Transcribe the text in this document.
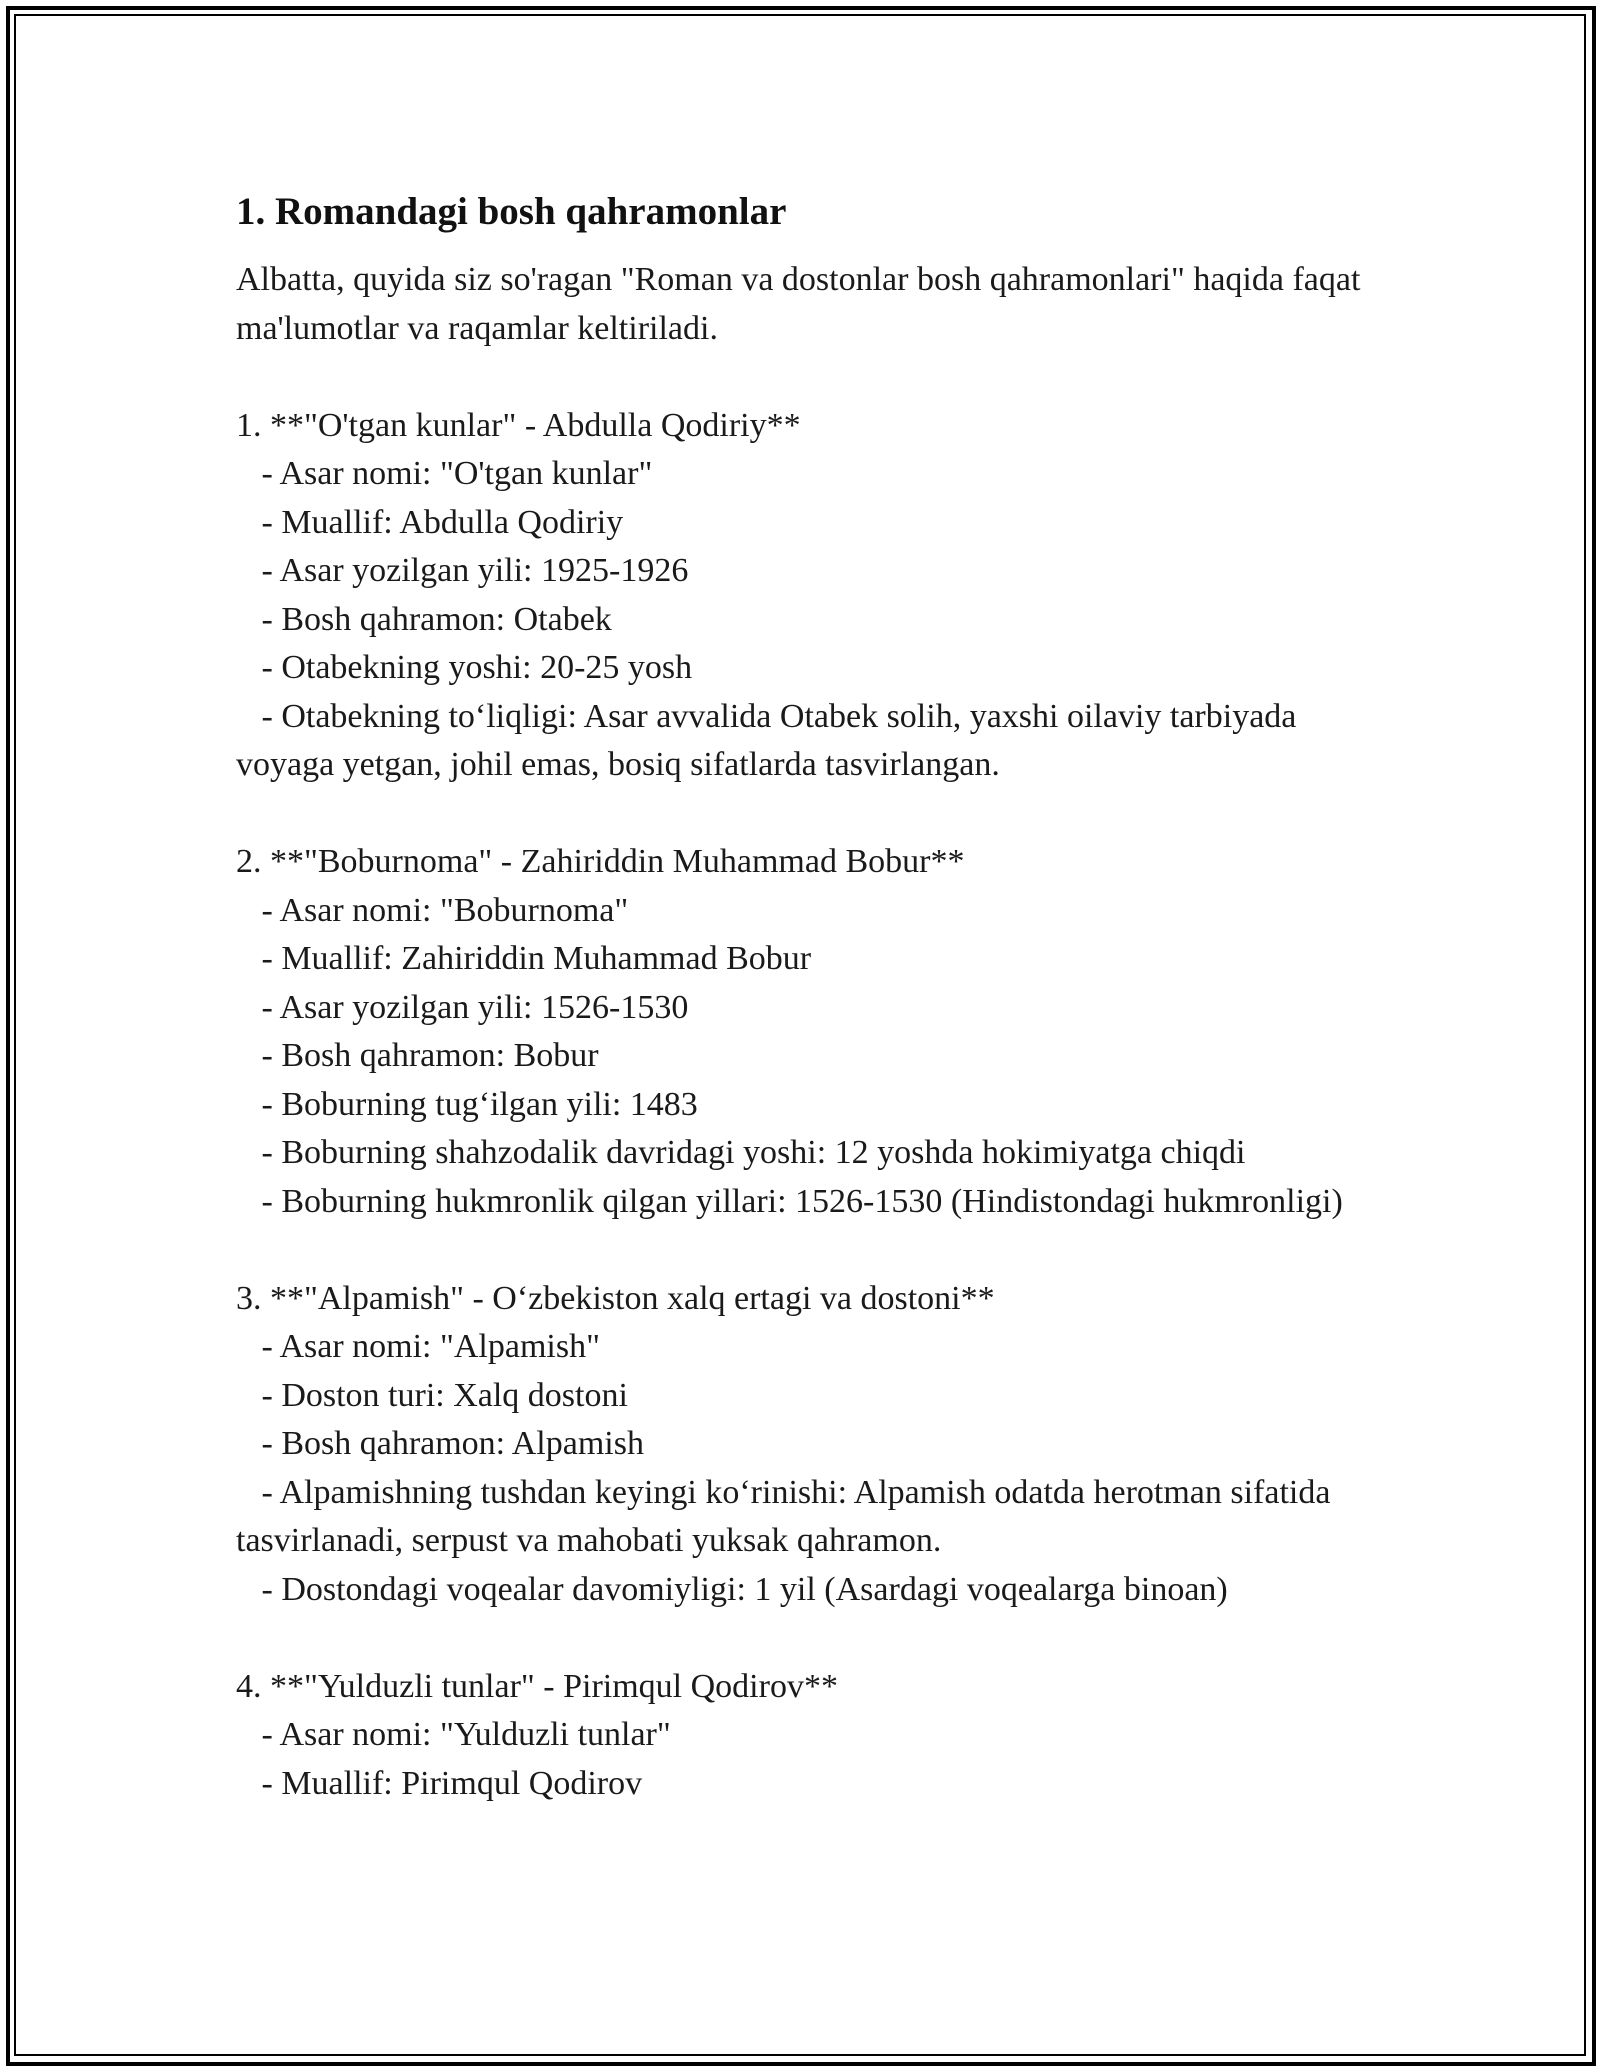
1. Romandagi bosh qahramonlar

Albatta, quyida siz so'ragan "Roman va dostonlar bosh qahramonlari" haqida faqat ma'lumotlar va raqamlar keltiriladi.

1. **"O'tgan kunlar" - Abdulla Qodiriy**

- Asar nomi: "O'tgan kunlar"

- Muallif: Abdulla Qodiriy

- Asar yozilgan yili: 1925-1926

- Bosh qahramon: Otabek

- Otabekning yoshi: 20-25 yosh

- Otabekning to‘liqligi: Asar avvalida Otabek solih, yaxshi oilaviy tarbiyada voyaga yetgan, johil emas, bosiq sifatlarda tasvirlangan.

2. **"Boburnoma" - Zahiriddin Muhammad Bobur**

- Asar nomi: "Boburnoma"

- Muallif: Zahiriddin Muhammad Bobur

- Asar yozilgan yili: 1526-1530

- Bosh qahramon: Bobur

- Boburning tug‘ilgan yili: 1483

- Boburning shahzodalik davridagi yoshi: 12 yoshda hokimiyatga chiqdi

- Boburning hukmronlik qilgan yillari: 1526-1530 (Hindistondagi hukmronligi)

3. **"Alpamish" - O‘zbekiston xalq ertagi va dostoni**

- Asar nomi: "Alpamish"

- Doston turi: Xalq dostoni

- Bosh qahramon: Alpamish

- Alpamishning tushdan keyingi ko‘rinishi: Alpamish odatda herotman sifatida tasvirlanadi, serpust va mahobati yuksak qahramon.

- Dostondagi voqealar davomiyligi: 1 yil (Asardagi voqealarga binoan)

4. **"Yulduzli tunlar" - Pirimqul Qodirov**

- Asar nomi: "Yulduzli tunlar"

- Muallif: Pirimqul Qodirov
